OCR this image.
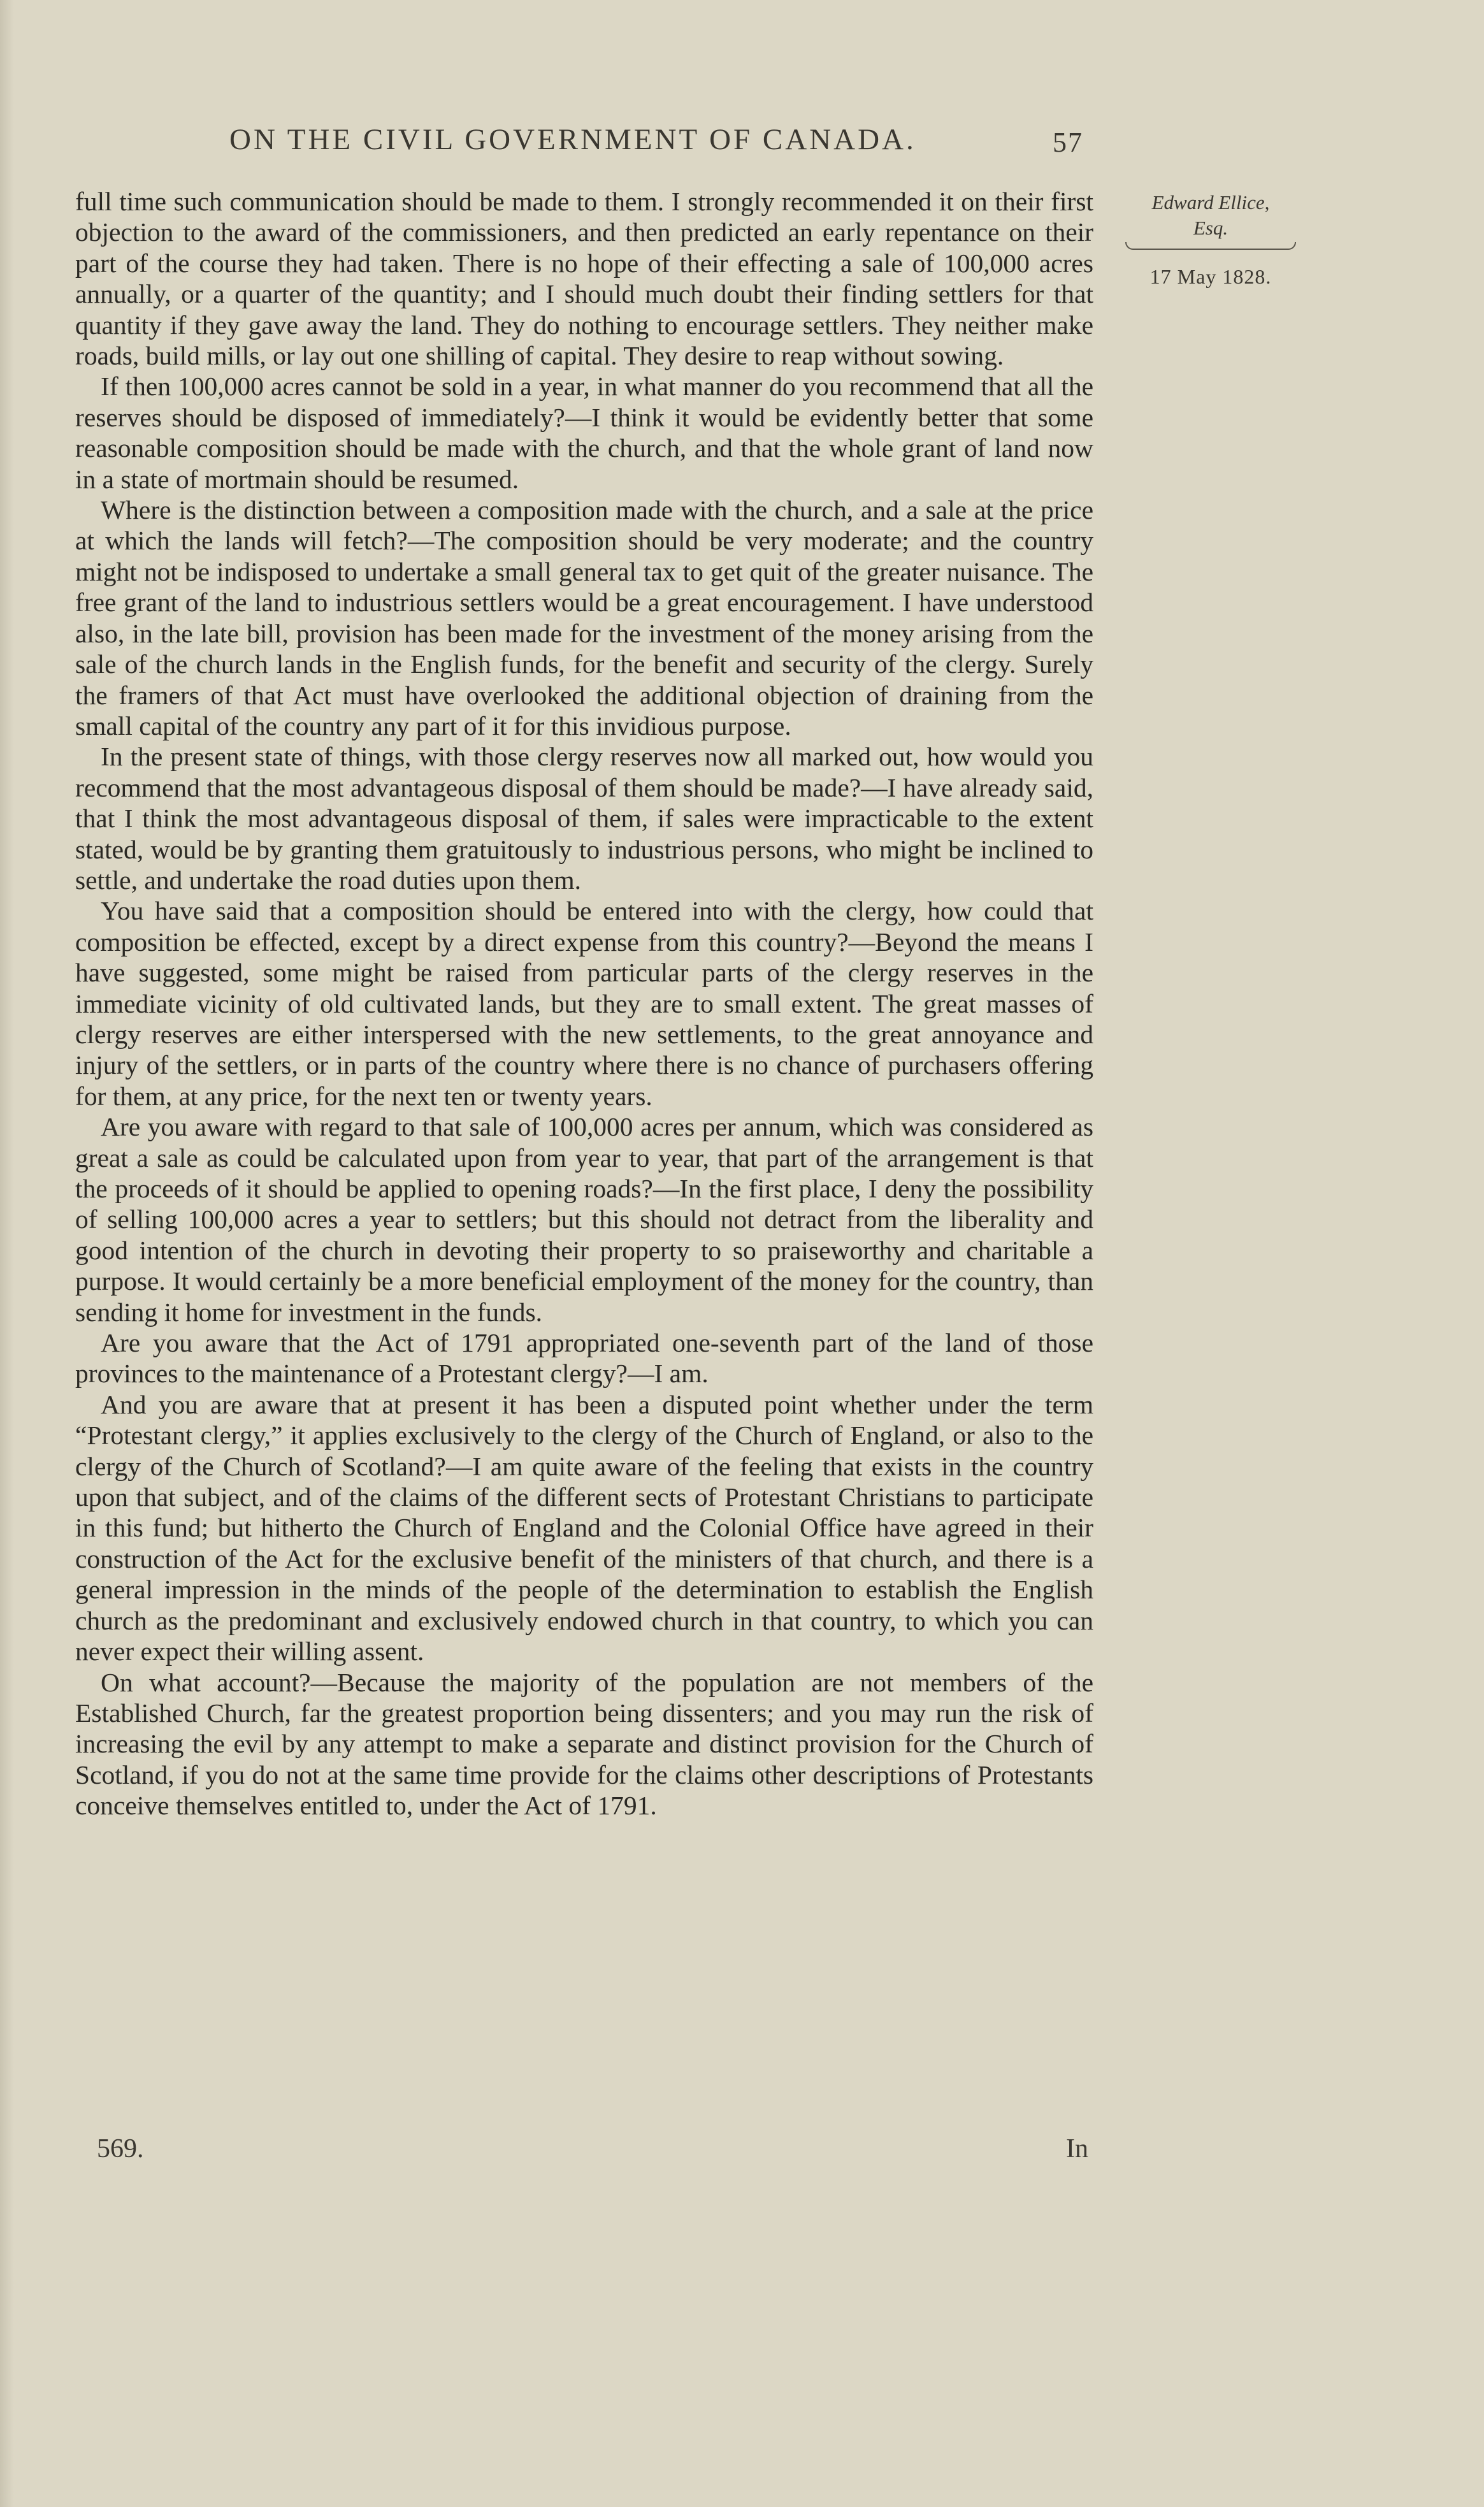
ON THE CIVIL GOVERNMENT OF CANADA.	57
Edward Ellice,
Esq.
17 May 1828.

full time such communication should be made to them. I strongly recommended it on their first objection to the award of the commissioners, and then predicted an early repentance on their part of the course they had taken. There is no hope of their effecting a sale of 100,000 acres annually, or a quarter of the quantity; and I should much doubt their finding settlers for that quantity if they gave away the land. They do nothing to encourage settlers. They neither make roads, build mills, or lay out one shilling of capital. They desire to reap without sowing.

If then 100,000 acres cannot be sold in a year, in what manner do you recommend that all the reserves should be disposed of immediately?—I think it would be evidently better that some reasonable composition should be made with the church, and that the whole grant of land now in a state of mortmain should be resumed.

Where is the distinction between a composition made with the church, and a sale at the price at which the lands will fetch?—The composition should be very moderate; and the country might not be indisposed to undertake a small general tax to get quit of the greater nuisance. The free grant of the land to industrious settlers would be a great encouragement. I have understood also, in the late bill, provision has been made for the investment of the money arising from the sale of the church lands in the English funds, for the benefit and security of the clergy. Surely the framers of that Act must have overlooked the additional objection of draining from the small capital of the country any part of it for this invidious purpose.

In the present state of things, with those clergy reserves now all marked out, how would you recommend that the most advantageous disposal of them should be made?—I have already said, that I think the most advantageous disposal of them, if sales were impracticable to the extent stated, would be by granting them gratuitously to industrious persons, who might be inclined to settle, and undertake the road duties upon them.

You have said that a composition should be entered into with the clergy, how could that composition be effected, except by a direct expense from this country?—Beyond the means I have suggested, some might be raised from particular parts of the clergy reserves in the immediate vicinity of old cultivated lands, but they are to small extent. The great masses of clergy reserves are either interspersed with the new settlements, to the great annoyance and injury of the settlers, or in parts of the country where there is no chance of purchasers offering for them, at any price, for the next ten or twenty years.

Are you aware with regard to that sale of 100,000 acres per annum, which was considered as great a sale as could be calculated upon from year to year, that part of the arrangement is that the proceeds of it should be applied to opening roads?—In the first place, I deny the possibility of selling 100,000 acres a year to settlers; but this should not detract from the liberality and good intention of the church in devoting their property to so praiseworthy and charitable a purpose. It would certainly be a more beneficial employment of the money for the country, than sending it home for investment in the funds.

Are you aware that the Act of 1791 appropriated one-seventh part of the land of those provinces to the maintenance of a Protestant clergy?—I am.

And you are aware that at present it has been a disputed point whether under the term “Protestant clergy,” it applies exclusively to the clergy of the Church of England, or also to the clergy of the Church of Scotland?—I am quite aware of the feeling that exists in the country upon that subject, and of the claims of the different sects of Protestant Christians to participate in this fund; but hitherto the Church of England and the Colonial Office have agreed in their construction of the Act for the exclusive benefit of the ministers of that church, and there is a general impression in the minds of the people of the determination to establish the English church as the predominant and exclusively endowed church in that country, to which you can never expect their willing assent.

On what account?—Because the majority of the population are not members of the Established Church, far the greatest proportion being dissenters; and you may run the risk of increasing the evil by any attempt to make a separate and distinct provision for the Church of Scotland, if you do not at the same time provide for the claims other descriptions of Protestants conceive themselves entitled to, under the Act of 1791.

569.	In
